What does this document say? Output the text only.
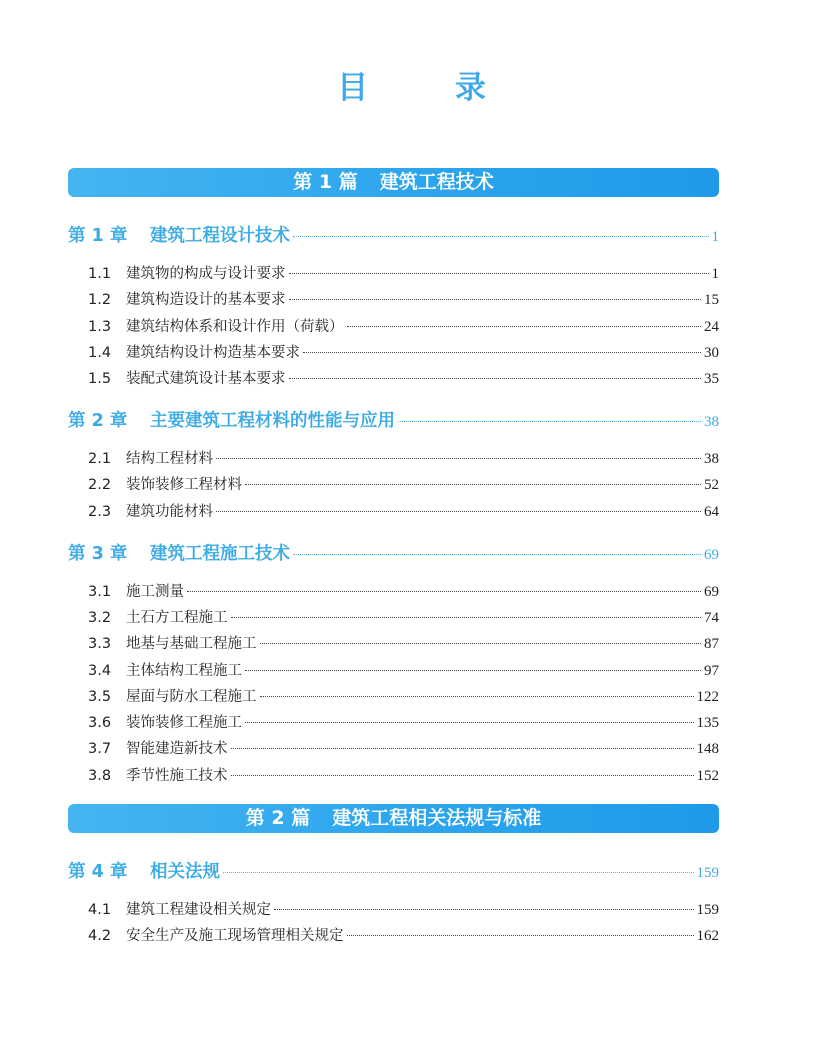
目	录
第 1 篇 建筑工程技术
第 1 章	建筑工程设计技术	1
1.1	建筑物的构成与设计要求	1
1.2	建筑构造设计的基本要求	15
1.3	建筑结构体系和设计作用（荷载）	24
1.4	建筑结构设计构造基本要求	30
1.5	装配式建筑设计基本要求	35
第 2 章	主要建筑工程材料的性能与应用	38
2.1	结构工程材料	38
2.2	装饰装修工程材料	52
2.3	建筑功能材料	64
第 3 章	建筑工程施工技术	69
3.1	施工测量	69
3.2	土石方工程施工	74
3.3	地基与基础工程施工	87
3.4	主体结构工程施工	97
3.5	屋面与防水工程施工	122
3.6	装饰装修工程施工	135
3.7	智能建造新技术	148
3.8	季节性施工技术	152
第 2 篇 建筑工程相关法规与标准
第 4 章	相关法规	159
4.1	建筑工程建设相关规定	159
4.2	安全生产及施工现场管理相关规定	162
